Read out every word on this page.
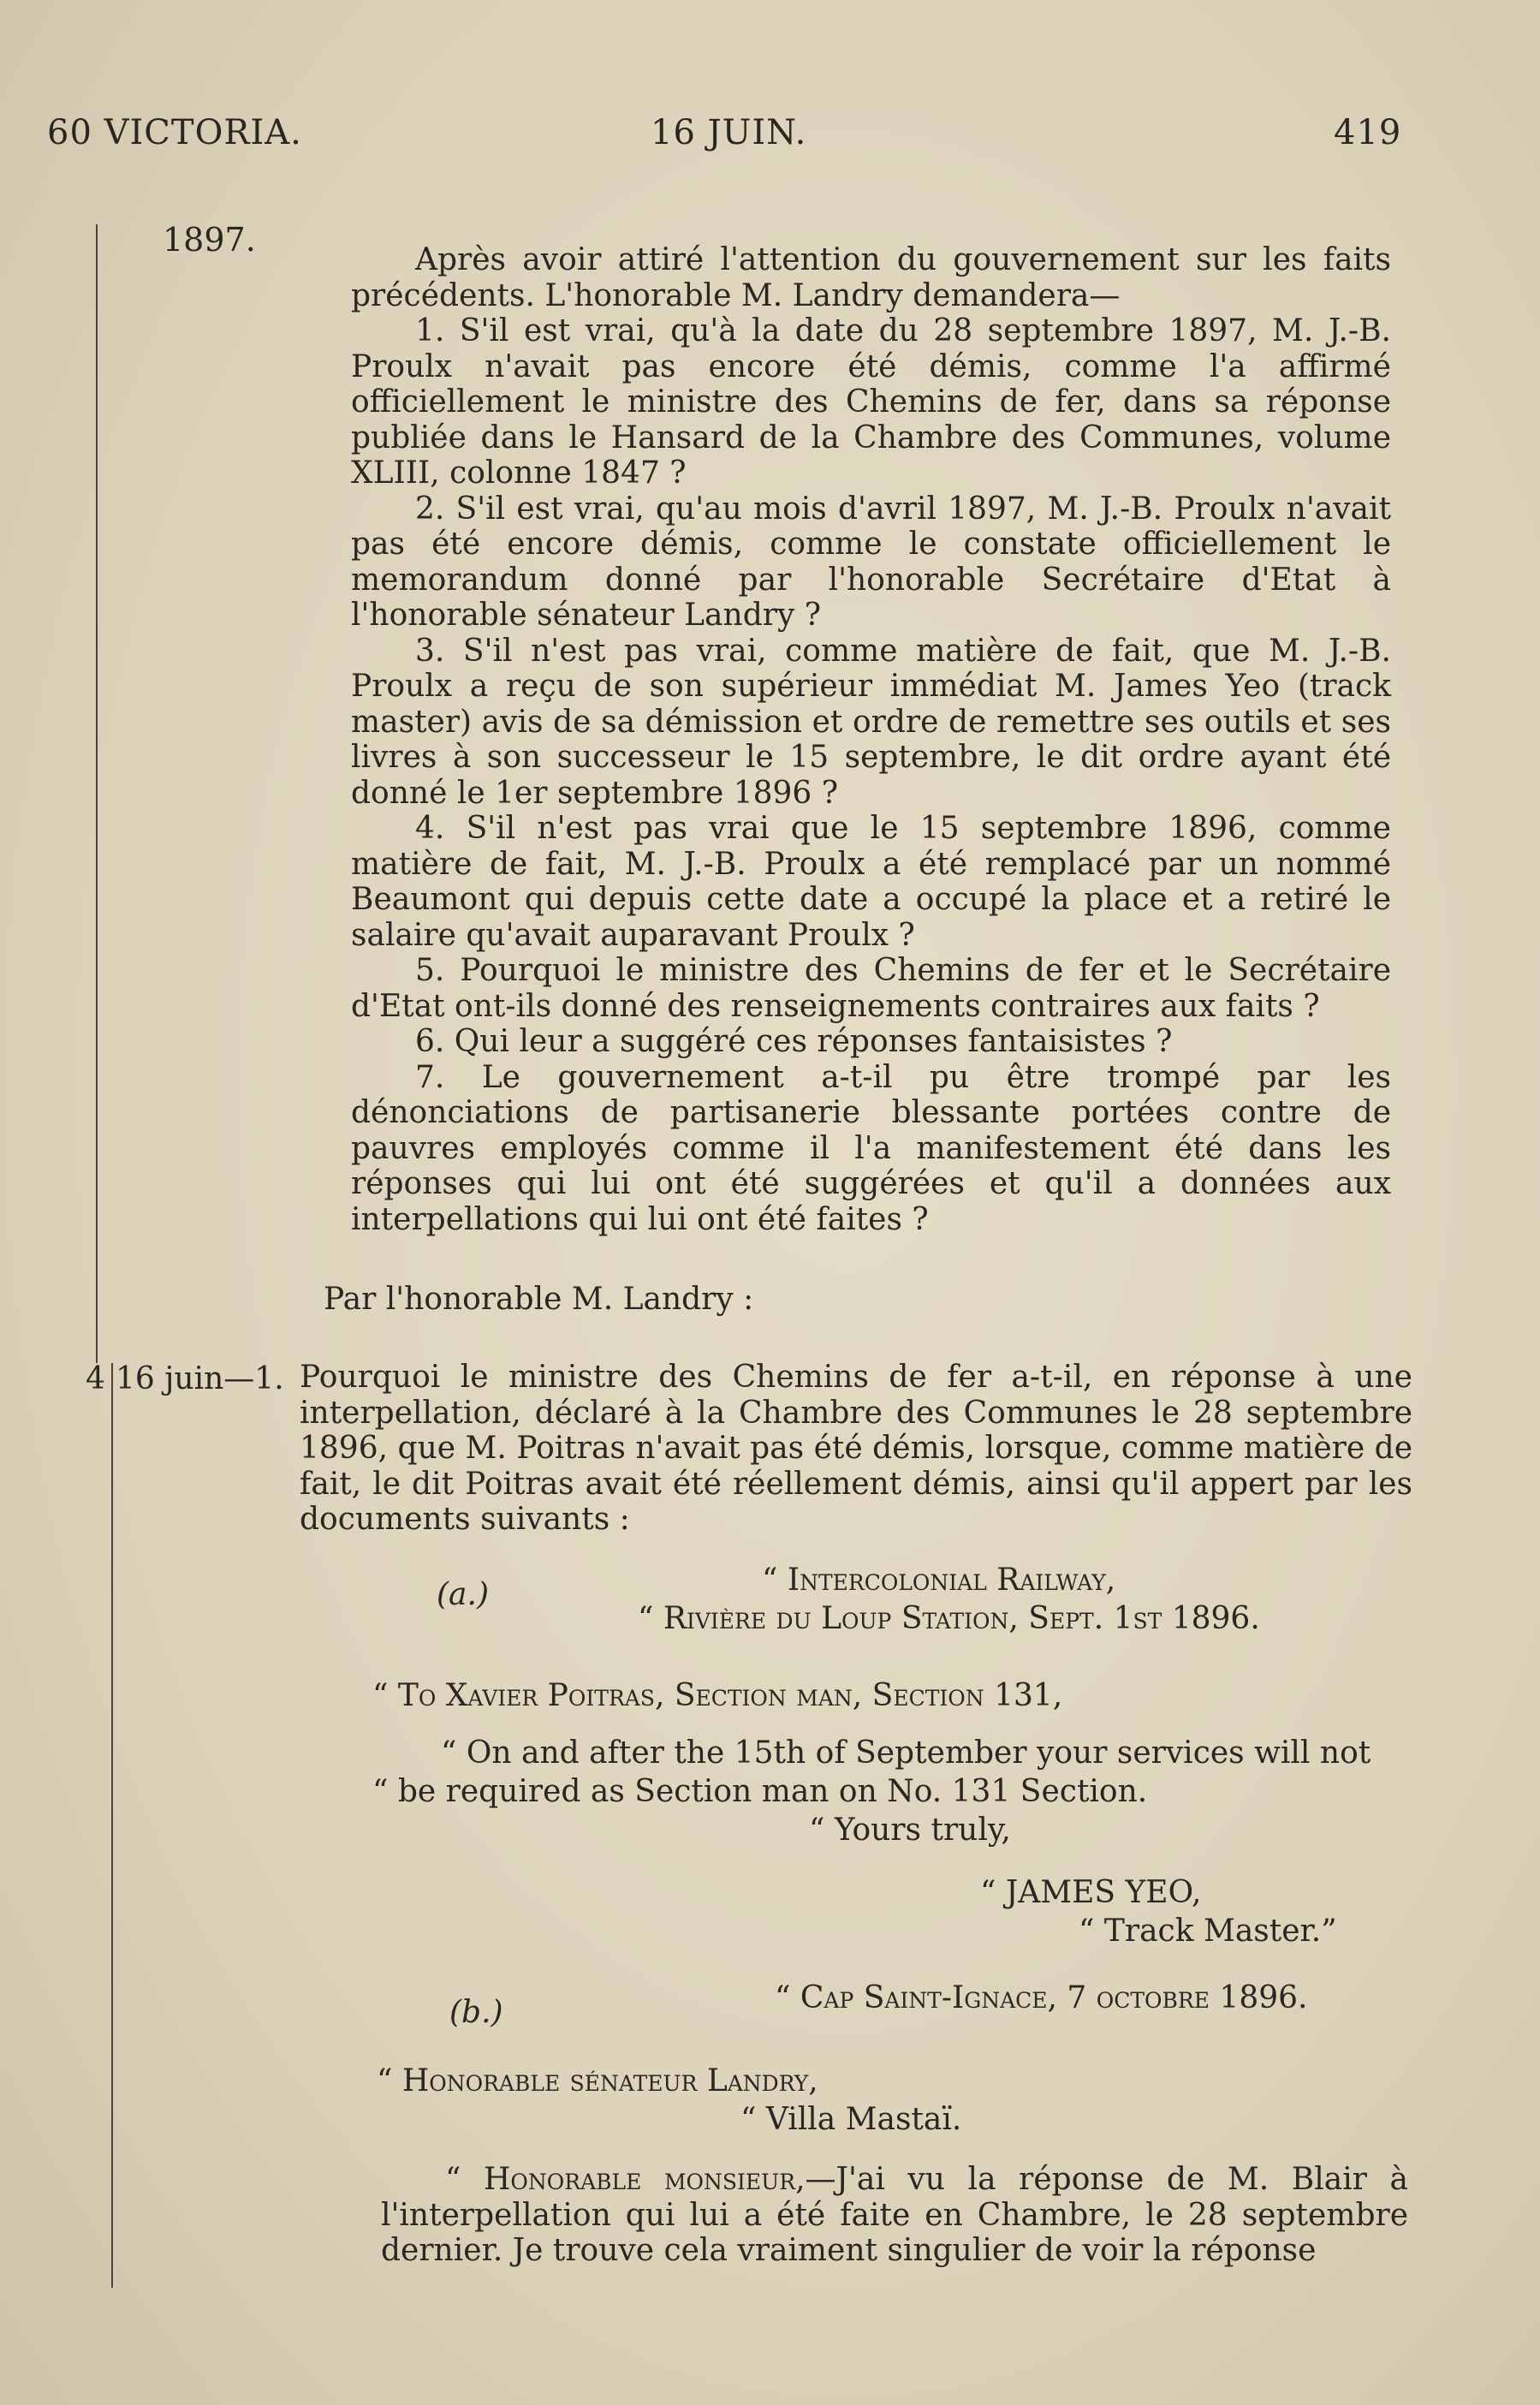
60 VICTORIA.	16 JUIN.	419
1897.

Après avoir attiré l'attention du gouvernement sur les faits précédents. L'honorable M. Landry demandera—

1. S'il est vrai, qu'à la date du 28 septembre 1897, M. J.-B. Proulx n'avait pas encore été démis, comme l'a affirmé officiellement le ministre des Chemins de fer, dans sa réponse publiée dans le Hansard de la Chambre des Communes, volume XLIII, colonne 1847 ?

2. S'il est vrai, qu'au mois d'avril 1897, M. J.-B. Proulx n'avait pas été encore démis, comme le constate officiellement le memorandum donné par l'honorable Secrétaire d'Etat à l'honorable sénateur Landry ?

3. S'il n'est pas vrai, comme matière de fait, que M. J.-B. Proulx a reçu de son supérieur immédiat M. James Yeo (track master) avis de sa démission et ordre de remettre ses outils et ses livres à son successeur le 15 septembre, le dit ordre ayant été donné le 1er septembre 1896 ?

4. S'il n'est pas vrai que le 15 septembre 1896, comme matière de fait, M. J.-B. Proulx a été remplacé par un nommé Beaumont qui depuis cette date a occupé la place et a retiré le salaire qu'avait auparavant Proulx ?

5. Pourquoi le ministre des Chemins de fer et le Secrétaire d'Etat ont-ils donné des renseignements contraires aux faits ?

6. Qui leur a suggéré ces réponses fantaisistes ?

7. Le gouvernement a-t-il pu être trompé par les dénonciations de partisanerie blessante portées contre de pauvres employés comme il l'a manifestement été dans les réponses qui lui ont été suggérées et qu'il a données aux interpellations qui lui ont été faites ?

Par l'honorable M. Landry :
4 16 juin—1. Pourquoi le ministre des Chemins de fer a-t-il, en réponse à une interpellation, déclaré à la Chambre des Communes le 28 septembre 1896, que M. Poitras n'avait pas été démis, lorsque, comme matière de fait, le dit Poitras avait été réellement démis, ainsi qu'il appert par les documents suivants :

(a.)	“ Intercolonial Railway,
“ Rivière du Loup Station, Sept. 1st 1896.
“ To Xavier Poitras, Section man, Section 131,
“ On and after the 15th of September your services will not
“ be required as Section man on No. 131 Section.
“ Yours truly,
“ JAMES YEO,
“ Track Master.”
(b.)	“ Cap Saint-Ignace, 7 octobre 1896.
“ Honorable sénateur Landry,
“ Villa Mastaï.

“ Honorable monsieur,—J'ai vu la réponse de M. Blair à l'interpellation qui lui a été faite en Chambre, le 28 septembre dernier. Je trouve cela vraiment singulier de voir la réponse
